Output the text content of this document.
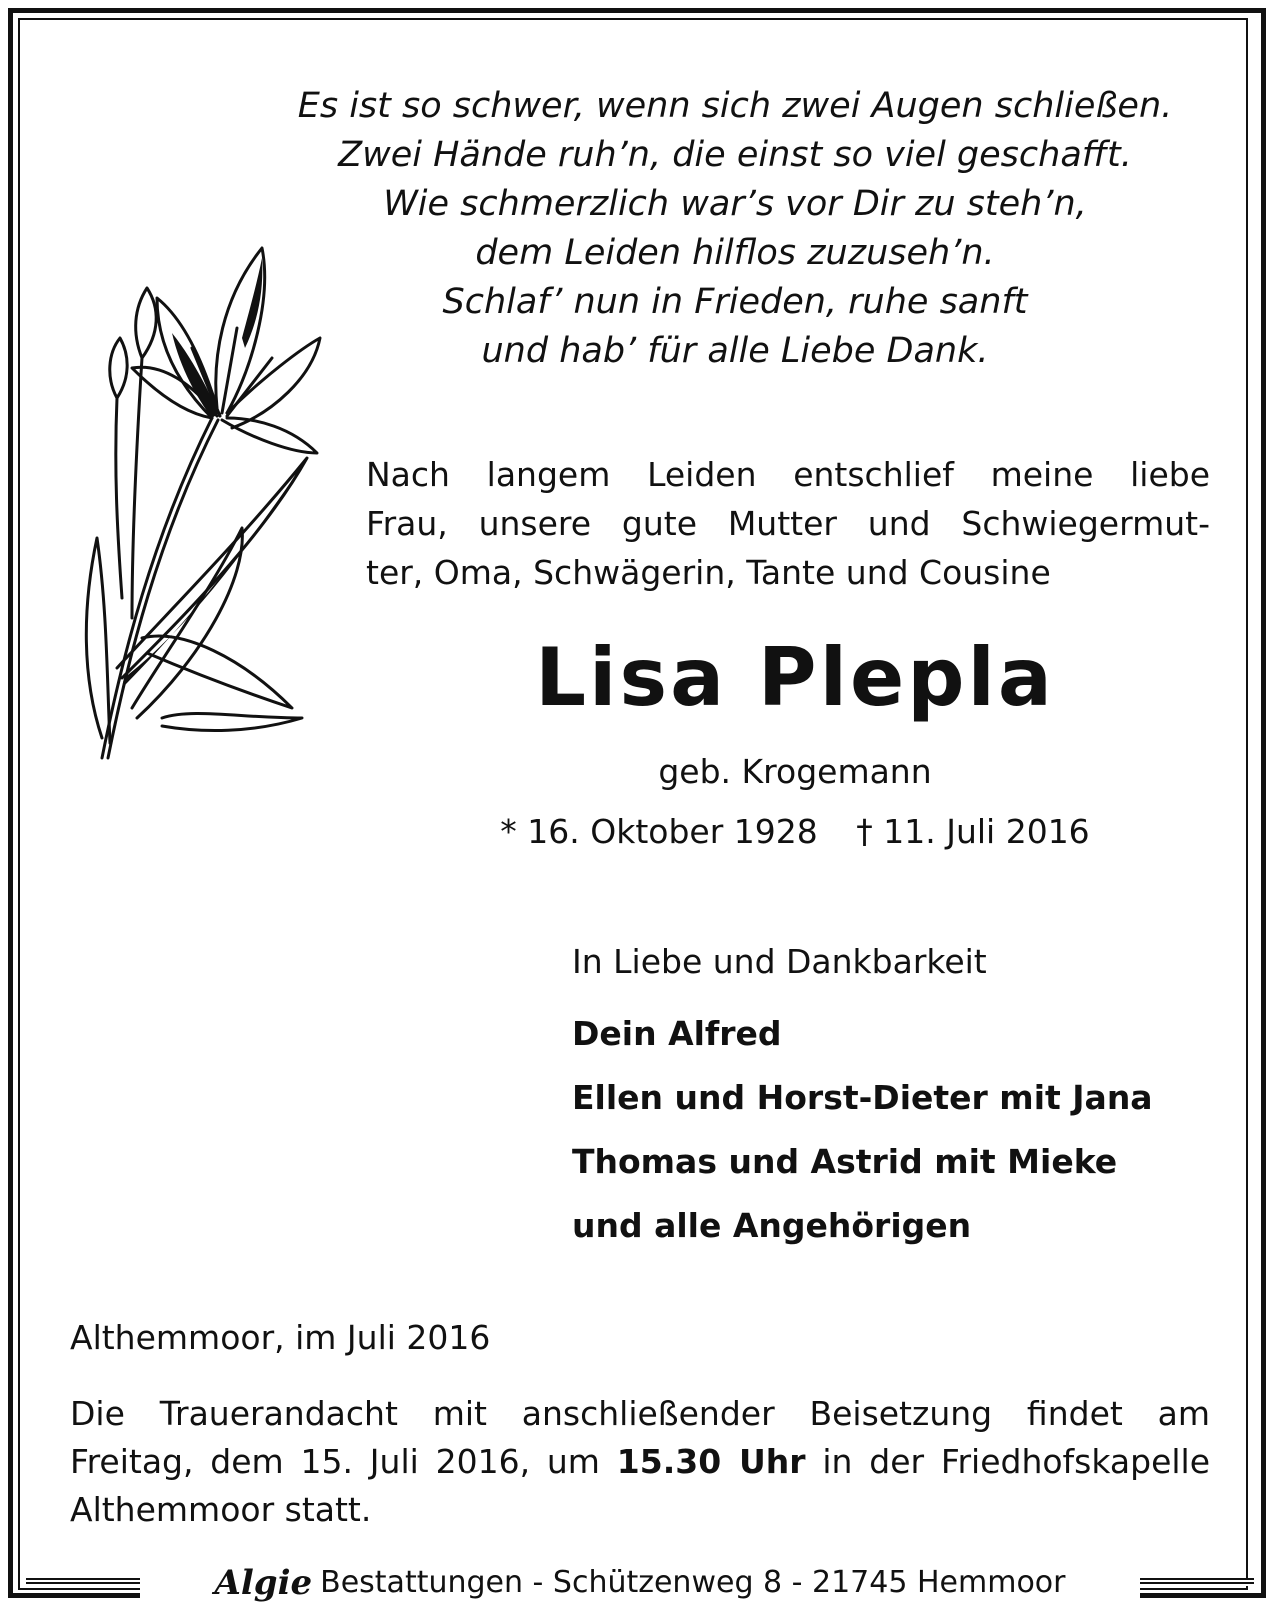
Es ist so schwer, wenn sich zwei Augen schließen.
Zwei Hände ruh’n, die einst so viel geschafft.
Wie schmerzlich war’s vor Dir zu steh’n,
dem Leiden hilflos zuzuseh’n.
Schlaf’ nun in Frieden, ruhe sanft
und hab’ für alle Liebe Dank.
Nach langem Leiden entschlief meine liebe
Frau, unsere gute Mutter und Schwiegermut-
ter, Oma, Schwägerin, Tante und Cousine
Lisa Plepla
geb. Krogemann
* 16. Oktober 1928 † 11. Juli 2016
In Liebe und Dankbarkeit
Dein Alfred
Ellen und Horst-Dieter mit Jana
Thomas und Astrid mit Mieke
und alle Angehörigen
Althemmoor, im Juli 2016
Die Trauerandacht mit anschließender Beisetzung findet am
Freitag, dem 15. Juli 2016, um 15.30 Uhr in der Friedhofskapelle
Althemmoor statt.
Algie Bestattungen - Schützenweg 8 - 21745 Hemmoor
